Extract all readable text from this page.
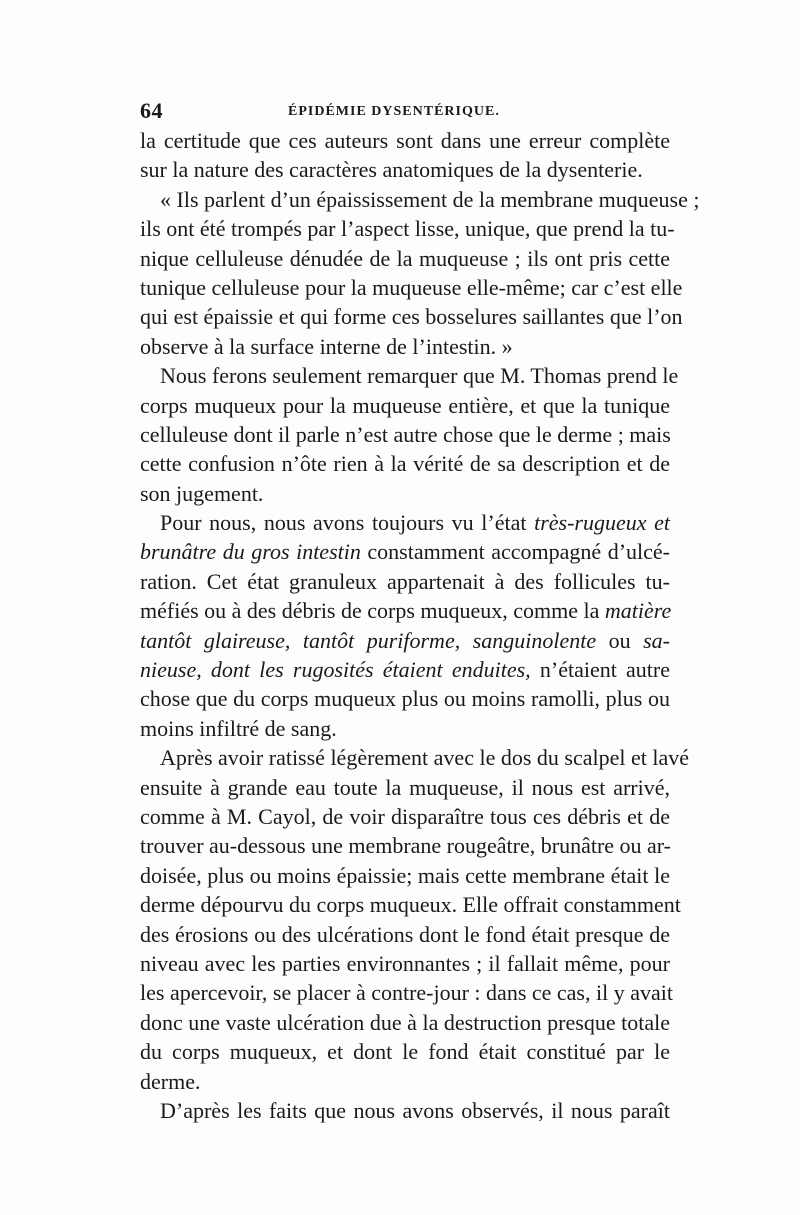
64	ÉPIDÉMIE DYSENTÉRIQUE.
la certitude que ces auteurs sont dans une erreur complète
sur la nature des caractères anatomiques de la dysenterie.
« Ils parlent d’un épaississement de la membrane muqueuse ;
ils ont été trompés par l’aspect lisse, unique, que prend la tu-
nique celluleuse dénudée de la muqueuse ; ils ont pris cette
tunique celluleuse pour la muqueuse elle-même; car c’est elle
qui est épaissie et qui forme ces bosselures saillantes que l’on
observe à la surface interne de l’intestin. »
Nous ferons seulement remarquer que M. Thomas prend le
corps muqueux pour la muqueuse entière, et que la tunique
celluleuse dont il parle n’est autre chose que le derme ; mais
cette confusion n’ôte rien à la vérité de sa description et de
son jugement.
Pour nous, nous avons toujours vu l’état très-rugueux et
brunâtre du gros intestin constamment accompagné d’ulcé-
ration. Cet état granuleux appartenait à des follicules tu-
méfiés ou à des débris de corps muqueux, comme la matière
tantôt glaireuse, tantôt puriforme, sanguinolente ou sa-
nieuse, dont les rugosités étaient enduites, n’étaient autre
chose que du corps muqueux plus ou moins ramolli, plus ou
moins infiltré de sang.
Après avoir ratissé légèrement avec le dos du scalpel et lavé
ensuite à grande eau toute la muqueuse, il nous est arrivé,
comme à M. Cayol, de voir disparaître tous ces débris et de
trouver au-dessous une membrane rougeâtre, brunâtre ou ar-
doisée, plus ou moins épaissie; mais cette membrane était le
derme dépourvu du corps muqueux. Elle offrait constamment
des érosions ou des ulcérations dont le fond était presque de
niveau avec les parties environnantes ; il fallait même, pour
les apercevoir, se placer à contre-jour : dans ce cas, il y avait
donc une vaste ulcération due à la destruction presque totale
du corps muqueux, et dont le fond était constitué par le
derme.
D’après les faits que nous avons observés, il nous paraît
